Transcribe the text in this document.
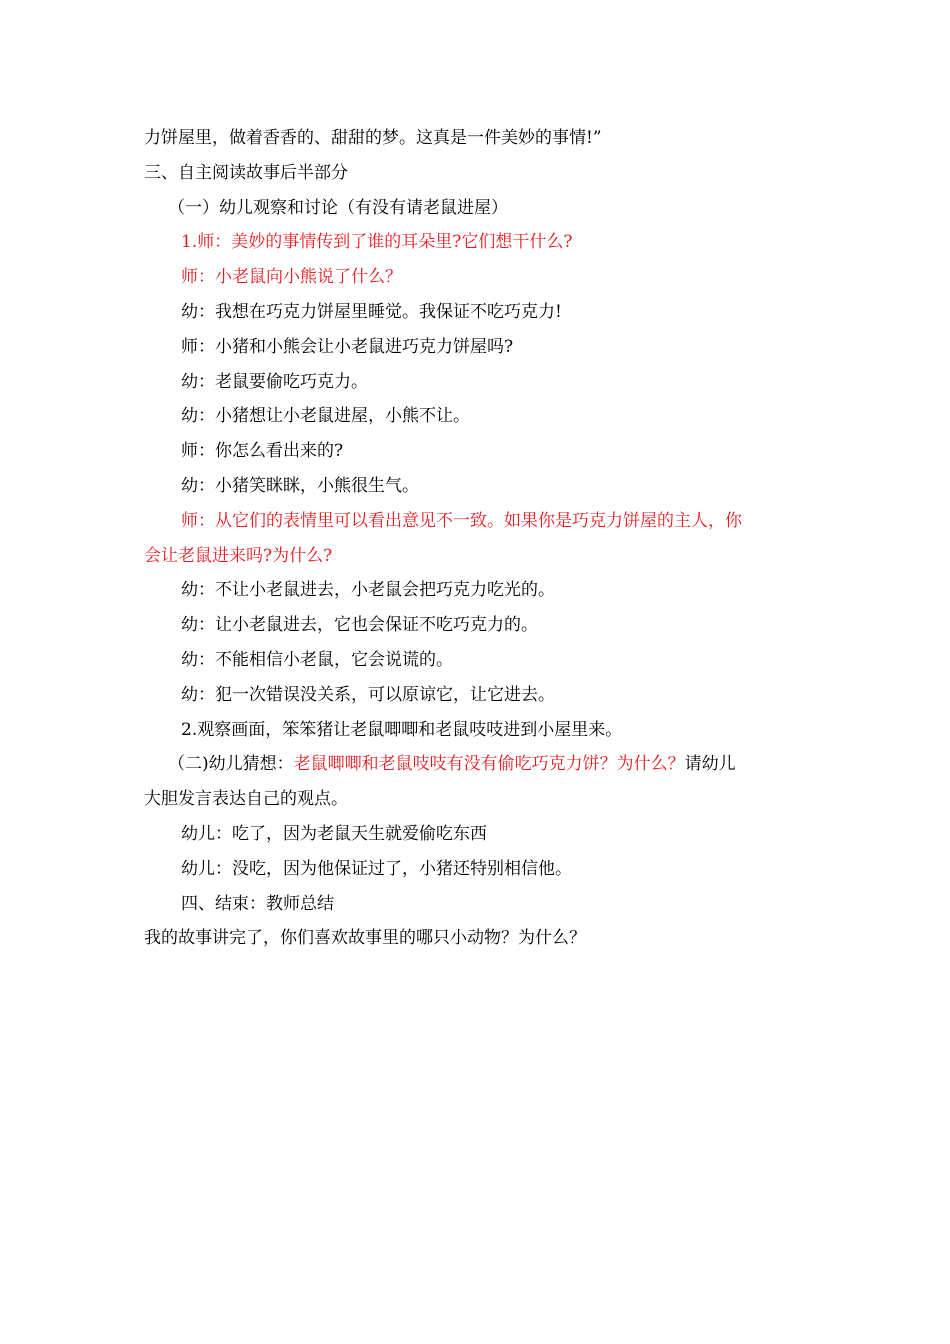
力饼屋里，做着香香的、甜甜的梦。这真是一件美妙的事情!”
三、自主阅读故事后半部分
（一）幼儿观察和讨论（有没有请老鼠进屋）
1.师：美妙的事情传到了谁的耳朵里?它们想干什么?
师：小老鼠向小熊说了什么？
幼：我想在巧克力饼屋里睡觉。我保证不吃巧克力!
师：小猪和小熊会让小老鼠进巧克力饼屋吗?
幼：老鼠要偷吃巧克力。
幼：小猪想让小老鼠进屋，小熊不让。
师：你怎么看出来的?
幼：小猪笑眯眯，小熊很生气。
师：从它们的表情里可以看出意见不一致。如果你是巧克力饼屋的主人，你
会让老鼠进来吗?为什么?
幼：不让小老鼠进去，小老鼠会把巧克力吃光的。
幼：让小老鼠进去，它也会保证不吃巧克力的。
幼：不能相信小老鼠，它会说谎的。
幼：犯一次错误没关系，可以原谅它，让它进去。
2.观察画面，笨笨猪让老鼠唧唧和老鼠吱吱进到小屋里来。
（二)幼儿猜想：老鼠唧唧和老鼠吱吱有没有偷吃巧克力饼？为什么？请幼儿
大胆发言表达自己的观点。
幼儿：吃了，因为老鼠天生就爱偷吃东西
幼儿：没吃，因为他保证过了，小猪还特别相信他。
四、结束：教师总结
我的故事讲完了，你们喜欢故事里的哪只小动物？为什么？
